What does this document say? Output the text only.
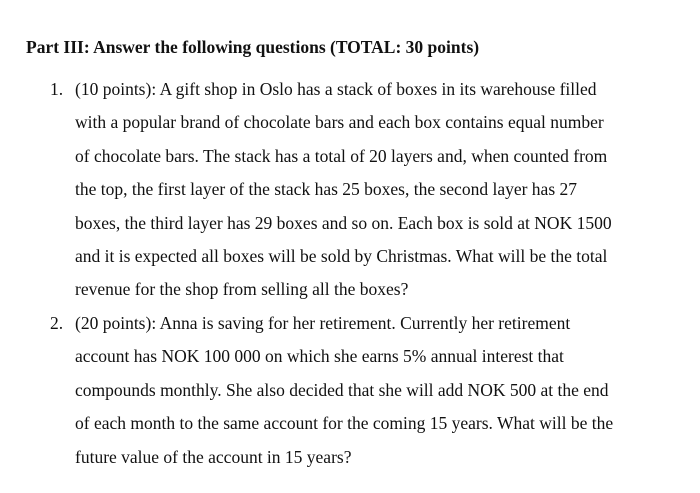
Part III: Answer the following questions (TOTAL: 30 points)
1. (10 points): A gift shop in Oslo has a stack of boxes in its warehouse filled
with a popular brand of chocolate bars and each box contains equal number
of chocolate bars. The stack has a total of 20 layers and, when counted from
the top, the first layer of the stack has 25 boxes, the second layer has 27
boxes, the third layer has 29 boxes and so on. Each box is sold at NOK 1500
and it is expected all boxes will be sold by Christmas. What will be the total
revenue for the shop from selling all the boxes?
2. (20 points): Anna is saving for her retirement. Currently her retirement
account has NOK 100 000 on which she earns 5% annual interest that
compounds monthly. She also decided that she will add NOK 500 at the end
of each month to the same account for the coming 15 years. What will be the
future value of the account in 15 years?
